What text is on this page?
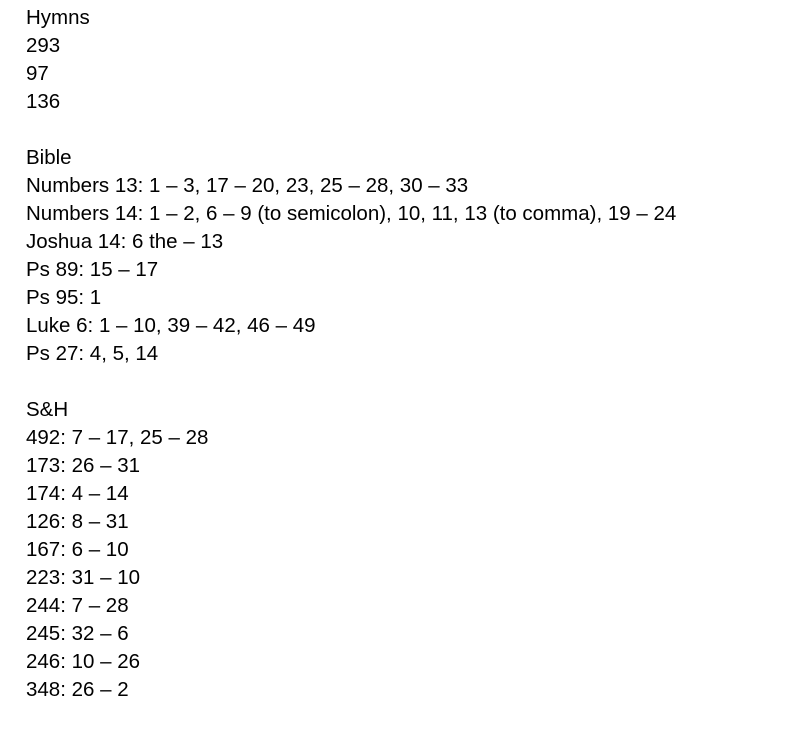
Hymns
293
97
136
Bible
Numbers 13: 1 – 3, 17 – 20, 23, 25 – 28, 30 – 33
Numbers 14: 1 – 2, 6 – 9 (to semicolon), 10, 11, 13 (to comma), 19 – 24
Joshua 14: 6 the – 13
Ps 89: 15 – 17
Ps 95: 1
Luke 6: 1 – 10, 39 – 42, 46 – 49
Ps 27: 4, 5, 14
S&H
492: 7 – 17, 25 – 28
173: 26 – 31
174: 4 – 14
126: 8 – 31
167: 6 – 10
223: 31 – 10
244: 7 – 28
245: 32 – 6
246: 10 – 26
348: 26 – 2
